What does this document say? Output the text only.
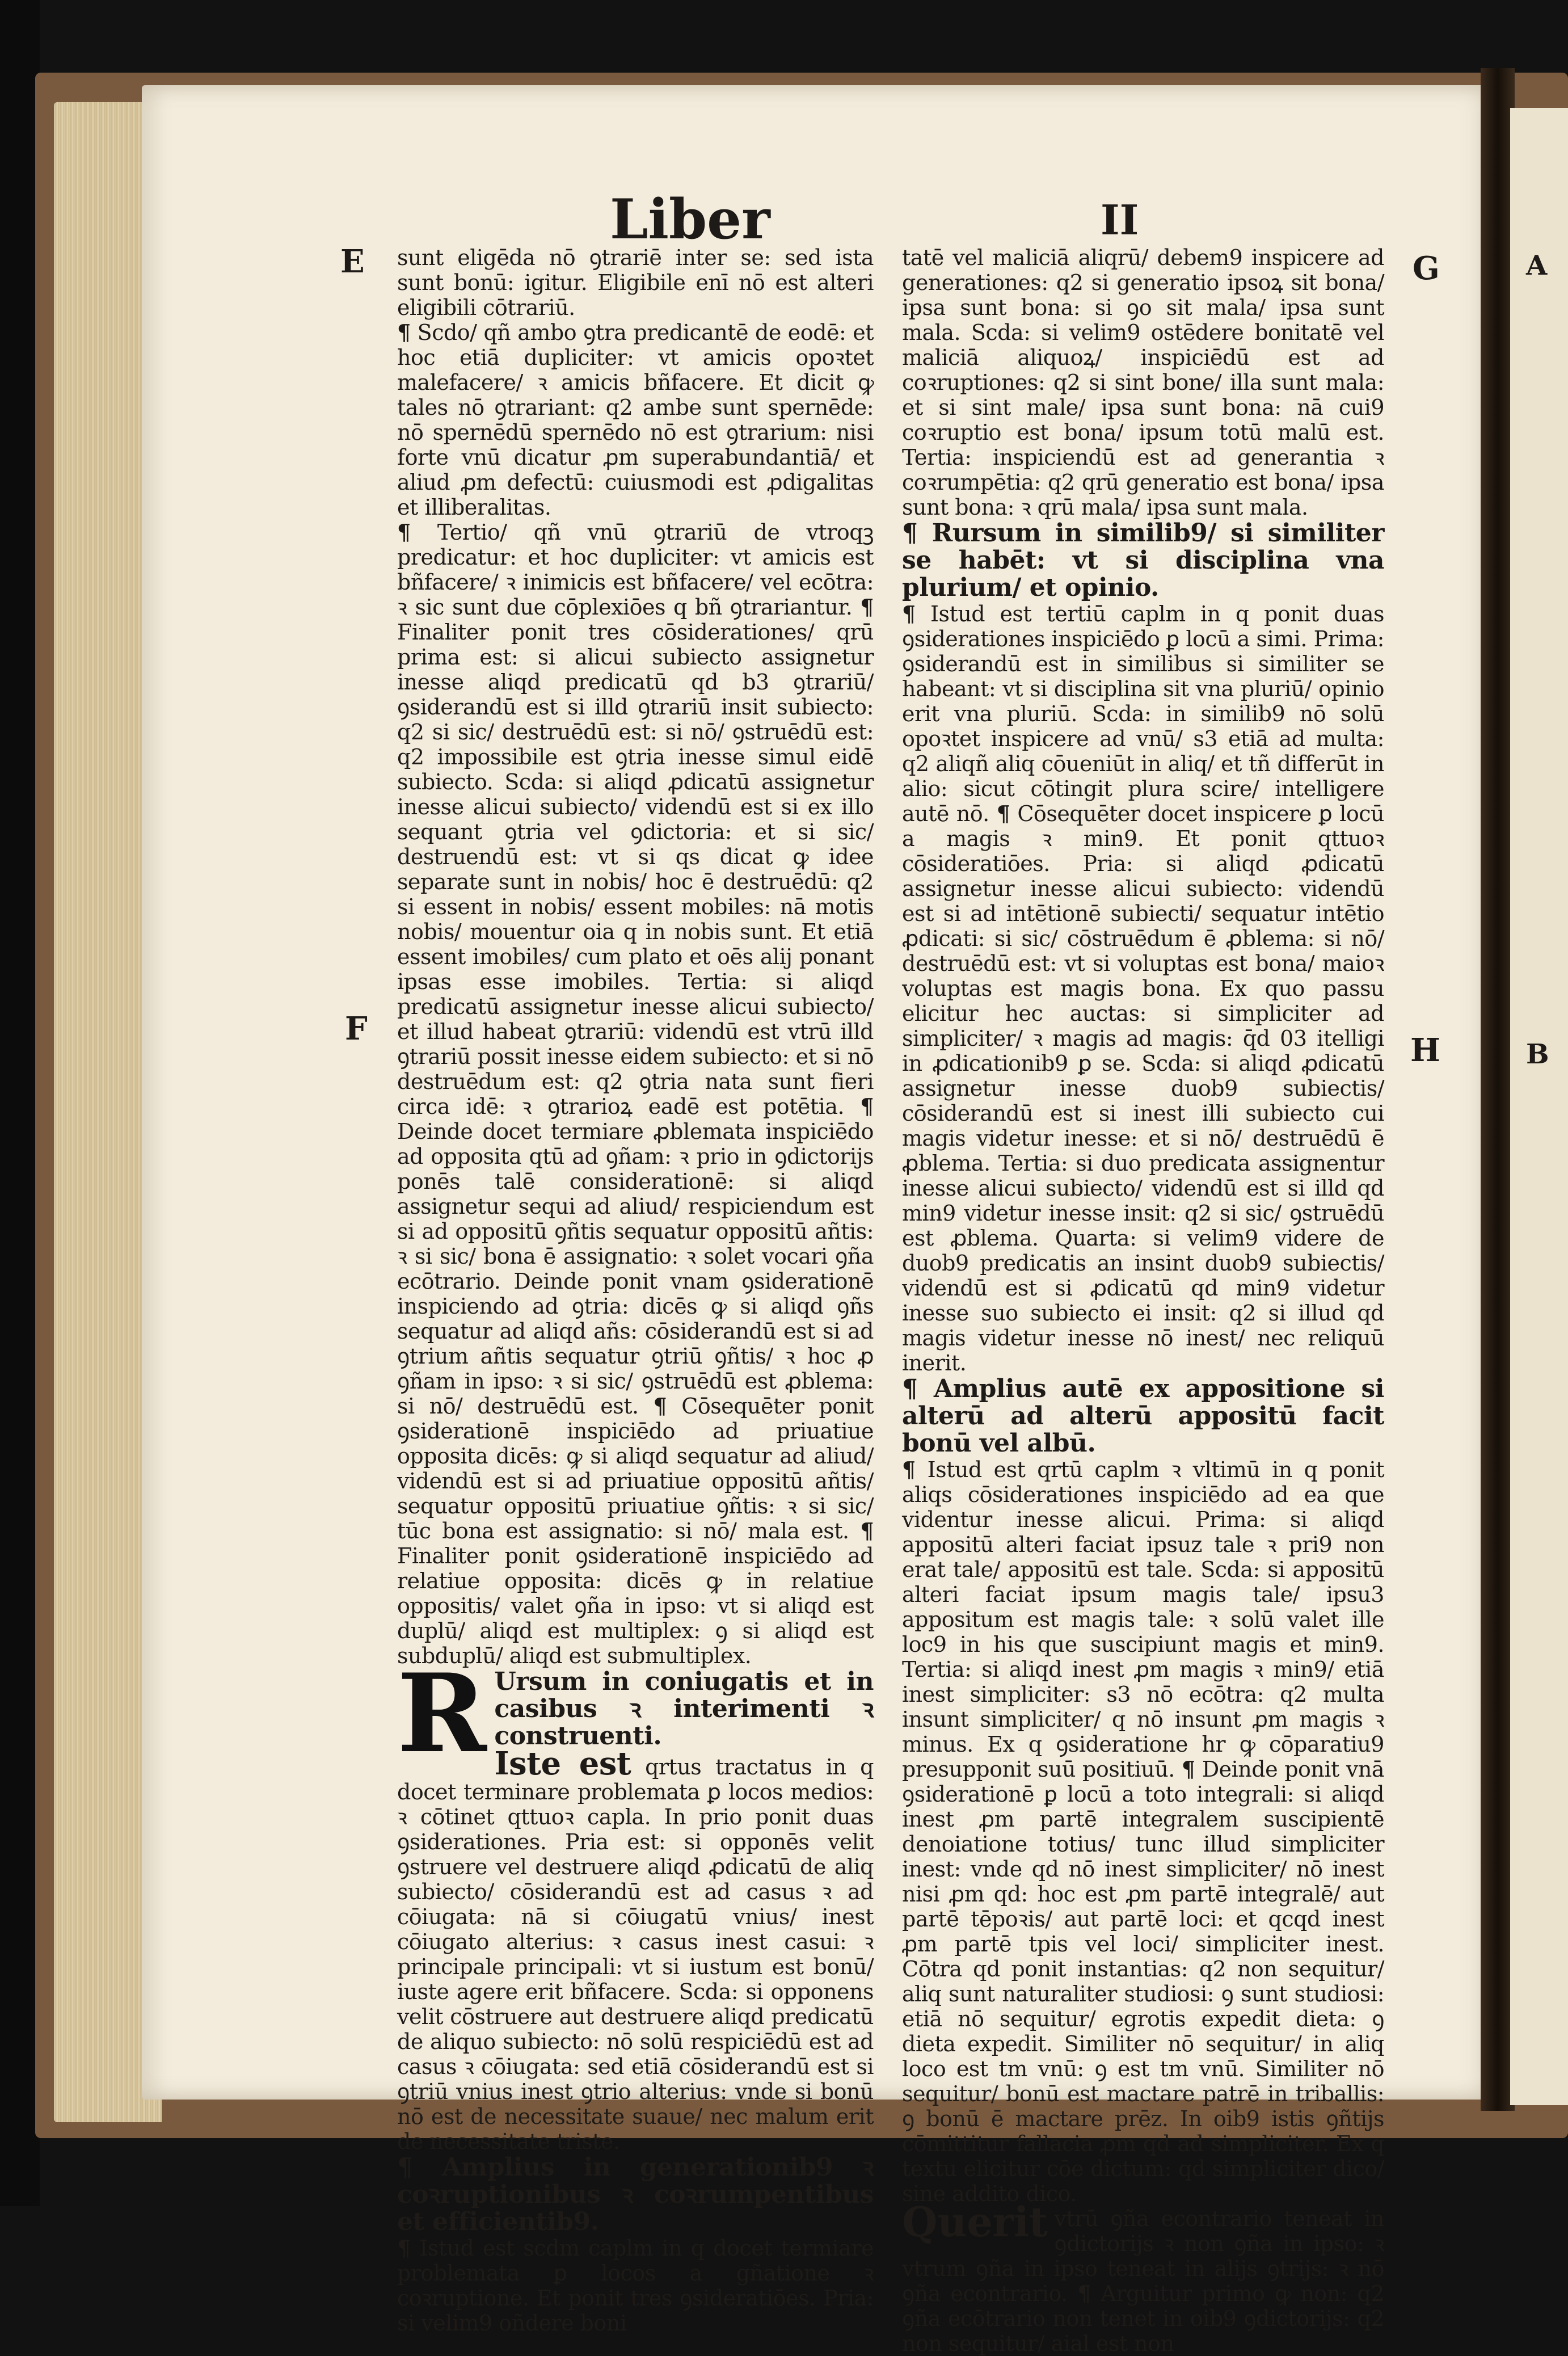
A
B
Liber	II
E
F
G
H

sunt eligēda nō ꝯtrariē inter se: sed ista sunt bonū: igitur. Eligibile enī nō est alteri eligibili cōtrariū.

¶ Scdo/ qñ ambo ꝯtra predicantē de eodē: et hoc etiā dupliciter: vt amicis opoꝛtet malefacere/ ꝛ amicis bñfacere. Et dicit ꝙ tales nō ꝯtrariant: q2 ambe sunt spernēde: nō spernēdū spernēdo nō est ꝯtrarium: nisi forte vnū dicatur ꝓm superabundantiā/ et aliud ꝓm defectū: cuiusmodi est ꝓdigalitas et illiberalitas.

¶ Tertio/ qñ vnū ꝯtrariū de vtroqꝫ predicatur: et hoc dupliciter: vt amicis est bñfacere/ ꝛ inimicis est bñfacere/ vel ecōtra: ꝛ sic sunt due cōplexiōes q bñ ꝯtrariantur. ¶ Finaliter ponit tres cōsiderationes/ qrū prima est: si alicui subiecto assignetur inesse aliqd predicatū qd b3 ꝯtrariū/ ꝯsiderandū est si illd ꝯtrariū insit subiecto: q2 si sic/ destruēdū est: si nō/ ꝯstruēdū est: q2 impossibile est ꝯtria inesse simul eidē subiecto. Scda: si aliqd ꝓdicatū assignetur inesse alicui subiecto/ videndū est si ex illo sequant ꝯtria vel ꝯdictoria: et si sic/ destruendū est: vt si qs dicat ꝙ idee separate sunt in nobis/ hoc ē destruēdū: q2 si essent in nobis/ essent mobiles: nā motis nobis/ mouentur oia q in nobis sunt. Et etiā essent imobiles/ cum plato et oēs alij ponant ipsas esse imobiles. Tertia: si aliqd predicatū assignetur inesse alicui subiecto/ et illud habeat ꝯtrariū: videndū est vtrū illd ꝯtrariū possit inesse eidem subiecto: et si nō destruēdum est: q2 ꝯtria nata sunt fieri circa idē: ꝛ ꝯtrarioꝝ eadē est potētia. ¶ Deinde docet termiare ꝓblemata inspiciēdo ad opposita qtū ad ꝯñam: ꝛ prio in ꝯdictorijs ponēs talē considerationē: si aliqd assignetur sequi ad aliud/ respiciendum est si ad oppositū ꝯñtis sequatur oppositū añtis: ꝛ si sic/ bona ē assignatio: ꝛ solet vocari ꝯña ecōtrario. Deinde ponit vnam ꝯsiderationē inspiciendo ad ꝯtria: dicēs ꝙ si aliqd ꝯñs sequatur ad aliqd añs: cōsiderandū est si ad ꝯtrium añtis sequatur ꝯtriū ꝯñtis/ ꝛ hoc ꝓ ꝯñam in ipso: ꝛ si sic/ ꝯstruēdū est ꝓblema: si nō/ destruēdū est. ¶ Cōsequēter ponit ꝯsiderationē inspiciēdo ad priuatiue opposita dicēs: ꝙ si aliqd sequatur ad aliud/ videndū est si ad priuatiue oppositū añtis/ sequatur oppositū priuatiue ꝯñtis: ꝛ si sic/ tūc bona est assignatio: si nō/ mala est. ¶ Finaliter ponit ꝯsiderationē inspiciēdo ad relatiue opposita: dicēs ꝙ in relatiue oppositis/ valet ꝯña in ipso: vt si aliqd est duplū/ aliqd est multiplex: ꝯ si aliqd est subduplū/ aliqd est submultiplex.

R Ursum in coniugatis et in casibus ꝛ interimenti ꝛ construenti.

Iste est qrtus tractatus in q docet terminare problemata ꝑ locos medios: ꝛ cōtinet qttuoꝛ capla. In prio ponit duas ꝯsiderationes. Pria est: si opponēs velit ꝯstruere vel destruere aliqd ꝓdicatū de aliq subiecto/ cōsiderandū est ad casus ꝛ ad cōiugata: nā si cōiugatū vnius/ inest cōiugato alterius: ꝛ casus inest casui: ꝛ principale principali: vt si iustum est bonū/ iuste agere erit bñfacere. Scda: si opponens velit cōstruere aut destruere aliqd predicatū de aliquo subiecto: nō solū respiciēdū est ad casus ꝛ cōiugata: sed etiā cōsiderandū est si ꝯtriū vnius inest ꝯtrio alterius: vnde si bonū nō est de necessitate suaue/ nec malum erit de necessitate triste.

¶ Amplius in generationib9 ꝛ coꝛruptionibus ꝛ coꝛrumpentibus et efficientib9.

¶ Istud est scdm caplm in q docet termiare problemata ꝑ locos a gñatione ꝛ coꝛruptione. Et ponit tres ꝯsideratiōes. Pria: si velim9 oñdere boni

tatē vel maliciā aliqrū/ debem9 inspicere ad generationes: q2 si generatio ipsoꝝ sit bona/ ipsa sunt bona: si ꝯo sit mala/ ipsa sunt mala. Scda: si velim9 ostēdere bonitatē vel maliciā aliquoꝝ/ inspiciēdū est ad coꝛruptiones: q2 si sint bone/ illa sunt mala: et si sint male/ ipsa sunt bona: nā cui9 coꝛruptio est bona/ ipsum totū malū est. Tertia: inspiciendū est ad generantia ꝛ coꝛrumpētia: q2 qrū generatio est bona/ ipsa sunt bona: ꝛ qrū mala/ ipsa sunt mala.

¶ Rursum in similib9/ si similiter se habēt: vt si disciplina vna plurium/ et opinio.

¶ Istud est tertiū caplm in q ponit duas ꝯsiderationes inspiciēdo ꝑ locū a simi. Prima: ꝯsiderandū est in similibus si similiter se habeant: vt si disciplina sit vna pluriū/ opinio erit vna pluriū. Scda: in similib9 nō solū opoꝛtet inspicere ad vnū/ s3 etiā ad multa: q2 aliqñ aliq cōueniūt in aliq/ et tñ differūt in alio: sicut cōtingit plura scire/ intelligere autē nō. ¶ Cōsequēter docet inspicere ꝑ locū a magis ꝛ min9. Et ponit qttuoꝛ cōsideratiōes. Pria: si aliqd ꝓdicatū assignetur inesse alicui subiecto: videndū est si ad intētionē subiecti/ sequatur intētio ꝓdicati: si sic/ cōstruēdum ē ꝓblema: si nō/ destruēdū est: vt si voluptas est bona/ maioꝛ voluptas est magis bona. Ex quo passu elicitur hec auctas: si simpliciter ad simpliciter/ ꝛ magis ad magis: q̄d 03 itelligi in ꝓdicationib9 ꝑ se. Scda: si aliqd ꝓdicatū assignetur inesse duob9 subiectis/ cōsiderandū est si inest illi subiecto cui magis videtur inesse: et si nō/ destruēdū ē ꝓblema. Tertia: si duo predicata assignentur inesse alicui subiecto/ videndū est si illd qd min9 videtur inesse insit: q2 si sic/ ꝯstruēdū est ꝓblema. Quarta: si velim9 videre de duob9 predicatis an insint duob9 subiectis/ videndū est si ꝓdicatū qd min9 videtur inesse suo subiecto ei insit: q2 si illud qd magis videtur inesse nō inest/ nec reliquū inerit.

¶ Amplius autē ex appositione si alterū ad alterū appositū facit bonū vel albū.

¶ Istud est qrtū caplm ꝛ vltimū in q ponit aliqs cōsiderationes inspiciēdo ad ea que videntur inesse alicui. Prima: si aliqd appositū alteri faciat ipsuz tale ꝛ pri9 non erat tale/ appositū est tale. Scda: si appositū alteri faciat ipsum magis tale/ ipsu3 appositum est magis tale: ꝛ solū valet ille loc9 in his que suscipiunt magis et min9. Tertia: si aliqd inest ꝓm magis ꝛ min9/ etiā inest simpliciter: s3 nō ecōtra: q2 multa insunt simpliciter/ q nō insunt ꝓm magis ꝛ minus. Ex q ꝯsideratione hr ꝙ cōparatiu9 presupponit suū positiuū. ¶ Deinde ponit vnā ꝯsiderationē ꝑ locū a toto integrali: si aliqd inest ꝓm partē integralem suscipientē denoiatione totius/ tunc illud simpliciter inest: vnde qd nō inest simpliciter/ nō inest nisi ꝓm qd: hoc est ꝓm partē integralē/ aut partē tēpoꝛis/ aut partē loci: et qcqd inest ꝓm partē tpis vel loci/ simpliciter inest. Cōtra qd ponit instantias: q2 non sequitur/ aliq sunt naturaliter studiosi: ꝯ sunt studiosi: etiā nō sequitur/ egrotis expedit dieta: ꝯ dieta expedit. Similiter nō sequitur/ in aliq loco est tm vnū: ꝯ est tm vnū. Similiter nō sequitur/ bonū est mactare patrē in triballis: ꝯ bonū ē mactare prēz. In oib9 istis ꝯñtijs cōmittitur fallacia ꝓm qd ad simpliciter. Ex q textu elicitur cōe dictum: qd simpliciter dico/ sine addito dico.

Querit vtrū ꝯña econtrario teneat in ꝯdictorijs ꝛ non ꝯña in ipso: ꝛ vtrum ꝯña in ipso teneat in alijs ꝯtrijs: ꝛ nō ꝯña econtrario. ¶ Arguitur primo ꝙ non: q2 ꝯña ecōtrario non tenet in oib9 ꝯdictorijs: q2 non sequitur/ aial est non
